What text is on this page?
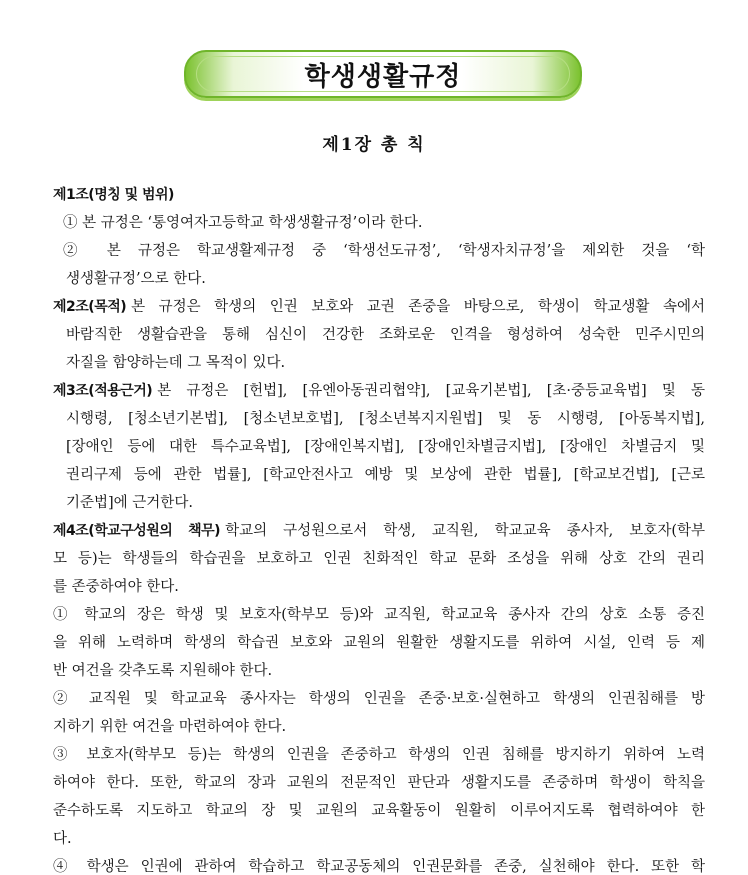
학생생활규정
제1장 총 칙
제1조(명칭 및 범위)
① 본 규정은 ‘통영여자고등학교 학생생활규정’이라 한다.
② 본 규정은 학교생활제규정 중 ‘학생선도규정’, ‘학생자치규정’을 제외한 것을 ‘학
생생활규정’으로 한다.
제2조(목적) 본 규정은 학생의 인권 보호와 교권 존중을 바탕으로, 학생이 학교생활 속에서
바람직한 생활습관을 통해 심신이 건강한 조화로운 인격을 형성하여 성숙한 민주시민의
자질을 함양하는데 그 목적이 있다.
제3조(적용근거) 본 규정은 [헌법], [유엔아동권리협약], [교육기본법], [초·중등교육법] 및 동
시행령, [청소년기본법], [청소년보호법], [청소년복지지원법] 및 동 시행령, [아동복지법],
[장애인 등에 대한 특수교육법], [장애인복지법], [장애인차별금지법], [장애인 차별금지 및
권리구제 등에 관한 법률], [학교안전사고 예방 및 보상에 관한 법률], [학교보건법], [근로
기준법]에 근거한다.
제4조(학교구성원의 책무) 학교의 구성원으로서 학생, 교직원, 학교교육 종사자, 보호자(학부
모 등)는 학생들의 학습권을 보호하고 인권 친화적인 학교 문화 조성을 위해 상호 간의 권리
를 존중하여야 한다.
① 학교의 장은 학생 및 보호자(학부모 등)와 교직원, 학교교육 종사자 간의 상호 소통 증진
을 위해 노력하며 학생의 학습권 보호와 교원의 원활한 생활지도를 위하여 시설, 인력 등 제
반 여건을 갖추도록 지원해야 한다.
② 교직원 및 학교교육 종사자는 학생의 인권을 존중·보호·실현하고 학생의 인권침해를 방
지하기 위한 여건을 마련하여야 한다.
③ 보호자(학부모 등)는 학생의 인권을 존중하고 학생의 인권 침해를 방지하기 위하여 노력
하여야 한다. 또한, 학교의 장과 교원의 전문적인 판단과 생활지도를 존중하며 학생이 학칙을
준수하도록 지도하고 학교의 장 및 교원의 교육활동이 원활히 이루어지도록 협력하여야 한
다.
④ 학생은 인권에 관하여 학습하고 학교공동체의 인권문화를 존중, 실천해야 한다. 또한 학
